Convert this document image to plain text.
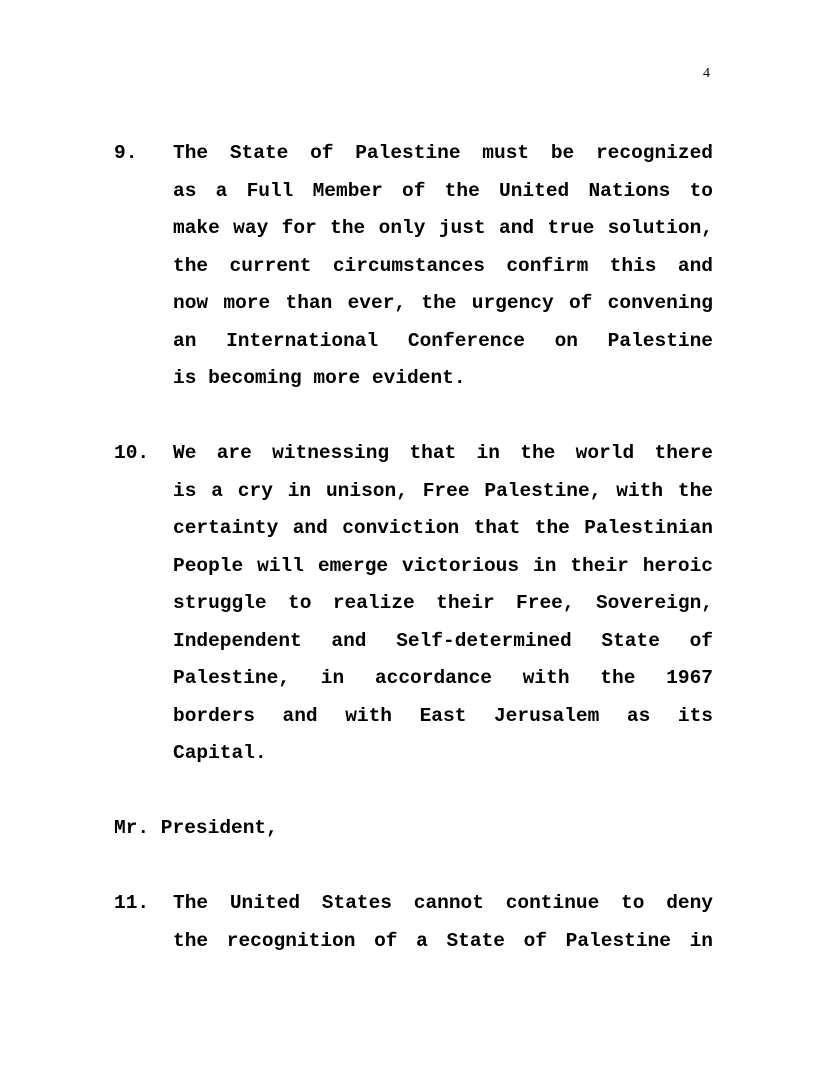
4
9. The State of Palestine must be recognized
as a Full Member of the United Nations to
make way for the only just and true solution,
the current circumstances confirm this and
now more than ever, the urgency of convening
an International Conference on Palestine
is becoming more evident.
10. We are witnessing that in the world there
is a cry in unison, Free Palestine, with the
certainty and conviction that the Palestinian
People will emerge victorious in their heroic
struggle to realize their Free, Sovereign,
Independent and Self-determined State of
Palestine, in accordance with the 1967
borders and with East Jerusalem as its
Capital.
Mr. President,
11. The United States cannot continue to deny
the recognition of a State of Palestine in
